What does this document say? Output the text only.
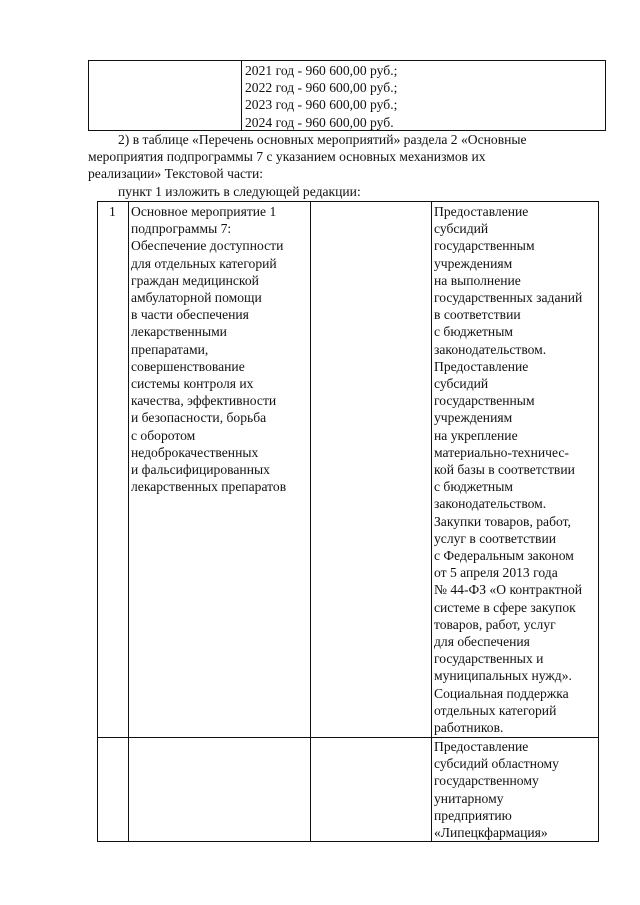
2021 год - 960 600,00 руб.;
2022 год - 960 600,00 руб.;
2023 год - 960 600,00 руб.;
2024 год - 960 600,00 руб.
2) в таблице «Перечень основных мероприятий» раздела 2 «Основные
мероприятия подпрограммы 7 с указанием основных механизмов их
реализации» Текстовой части:
пункт 1 изложить в следующей редакции:
1 Основное мероприятие 1
подпрограммы 7:
Обеспечение доступности
для отдельных категорий
граждан медицинской
амбулаторной помощи
в части обеспечения
лекарственными
препаратами,
совершенствование
системы контроля их
качества, эффективности
и безопасности, борьба
с оборотом
недоброкачественных
и фальсифицированных
лекарственных препаратов
Предоставление
субсидий
государственным
учреждениям
на выполнение
государственных заданий
в соответствии
с бюджетным
законодательством.
Предоставление
субсидий
государственным
учреждениям
на укрепление
материально-техничес-
кой базы в соответствии
с бюджетным
законодательством.
Закупки товаров, работ,
услуг в соответствии
с Федеральным законом
от 5 апреля 2013 года
№ 44-ФЗ «О контрактной
системе в сфере закупок
товаров, работ, услуг
для обеспечения
государственных и
муниципальных нужд».
Социальная поддержка
отдельных категорий
работников.
Предоставление
субсидий областному
государственному
унитарному
предприятию
«Липецкфармация»
